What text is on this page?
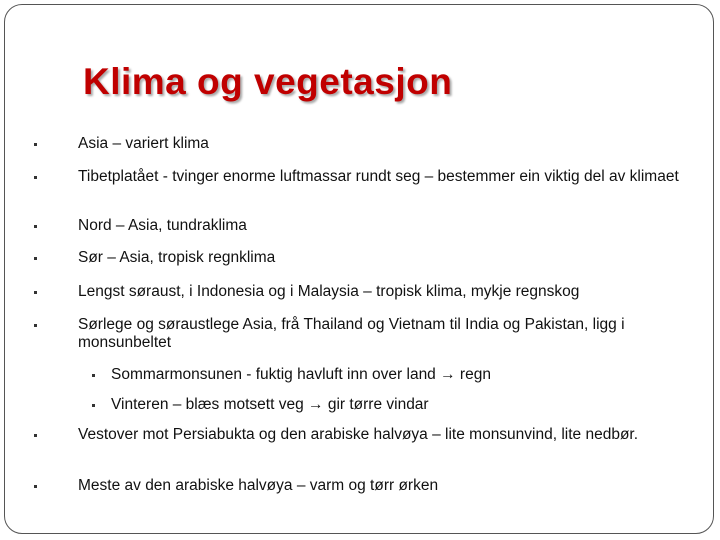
Klima og vegetasjon
Asia – variert klima
Tibetplatået - tvinger enorme luftmassar rundt seg – bestemmer ein viktig del av klimaet
Nord – Asia, tundraklima
Sør – Asia, tropisk regnklima
Lengst søraust, i Indonesia og i Malaysia – tropisk klima, mykje regnskog
Sørlege og søraustlege Asia, frå Thailand og Vietnam til India og Pakistan, ligg i monsunbeltet
Sommarmonsunen - fuktig havluft inn over land → regn
Vinteren – blæs motsett veg → gir tørre vindar
Vestover mot Persiabukta og den arabiske halvøya – lite monsunvind, lite nedbør.
Meste av den arabiske halvøya – varm og tørr ørken
